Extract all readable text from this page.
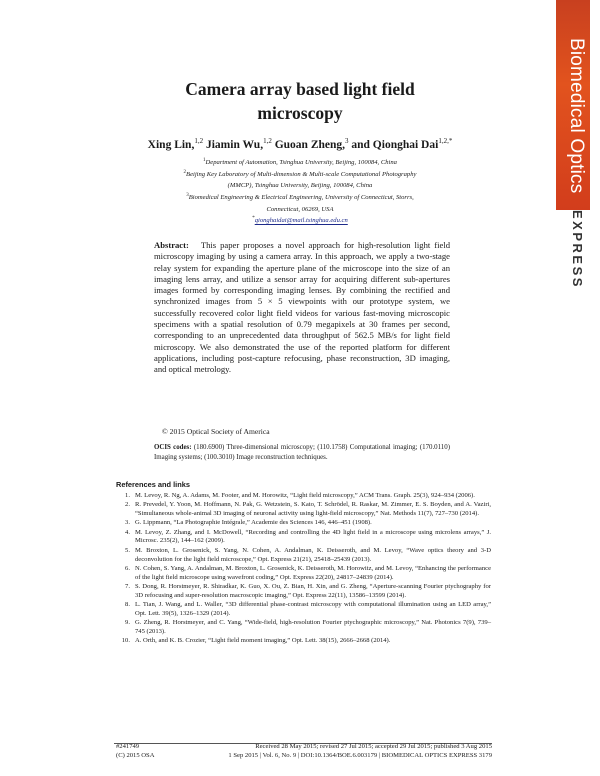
Biomedical Optics
EXPRESS
Camera array based light field
microscopy
Xing Lin,$^{1,2}$ Jiamin Wu,$^{1,2}$ Guoan Zheng,$^3$ and Qionghai Dai$^{1,2,*}$
$^1$Department of Automation, Tsinghua University, Beijing, 100084, China
$^2$Beijing Key Laboratory of Multi-dimension & Multi-scale Computational Photography
(MMCP), Tsinghua University, Beijing, 100084, China
$^3$Biomedical Engineering & Electrical Engineering, University of Connecticut, Storrs,
Connecticut, 06269, USA
*qionghaidai@mail.tsinghua.edu.cn
Abstract: This paper proposes a novel approach for high-resolution light field microscopy imaging by using a camera array. In this approach, we apply a two-stage relay system for expanding the aperture plane of the microscope into the size of an imaging lens array, and utilize a sensor array for acquiring different sub-apertures images formed by corresponding imaging lenses. By combining the rectified and synchronized images from 5 × 5 viewpoints with our prototype system, we successfully recovered color light field videos for various fast-moving microscopic specimens with a spatial resolution of 0.79 megapixels at 30 frames per second, corresponding to an unprecedented data throughput of 562.5 MB/s for light field microscopy. We also demonstrated the use of the reported platform for different applications, including post-capture refocusing, phase reconstruction, 3D imaging, and optical metrology.
© 2015 Optical Society of America
OCIS codes: (180.6900) Three-dimensional microscopy; (110.1758) Computational imaging; (170.0110) Imaging systems; (100.3010) Image reconstruction techniques.
References and links
1. M. Levoy, R. Ng, A. Adams, M. Footer, and M. Horowitz, “Light field microscopy,” ACM Trans. Graph. 25(3), 924–934 (2006).
2. R. Prevedel, Y. Yoon, M. Hoffmann, N. Pak, G. Wetzstein, S. Kato, T. Schrödel, R. Raskar, M. Zimmer, E. S. Boyden, and A. Vaziri, “Simultaneous whole-animal 3D imaging of neuronal activity using light-field microscopy,” Nat. Methods 11(7), 727–730 (2014).
3. G. Lippmann, “La Photographie Intégrale,” Academie des Sciences 146, 446–451 (1908).
4. M. Levoy, Z. Zhang, and I. McDowell, “Recording and controlling the 4D light field in a microscope using microlens arrays,” J. Microsc. 235(2), 144–162 (2009).
5. M. Broxton, L. Grosenick, S. Yang, N. Cohen, A. Andalman, K. Deisseroth, and M. Levoy, “Wave optics theory and 3-D deconvolution for the light field microscope,” Opt. Express 21(21), 25418–25439 (2013).
6. N. Cohen, S. Yang, A. Andalman, M. Broxton, L. Grosenick, K. Deisseroth, M. Horowitz, and M. Levoy, “Enhancing the performance of the light field microscope using wavefront coding,” Opt. Express 22(20), 24817–24839 (2014).
7. S. Dong, R. Horstmeyer, R. Shiradkar, K. Guo, X. Ou, Z. Bian, H. Xin, and G. Zheng, “Aperture-scanning Fourier ptychography for 3D refocusing and super-resolution macroscopic imaging,” Opt. Express 22(11), 13586–13599 (2014).
8. L. Tian, J. Wang, and L. Waller, “3D differential phase-contrast microscopy with computational illumination using an LED array,” Opt. Lett. 39(5), 1326–1329 (2014).
9. G. Zheng, R. Horstmeyer, and C. Yang, “Wide-field, high-resolution Fourier ptychographic microscopy,” Nat. Photonics 7(9), 739–745 (2013).
10. A. Orth, and K. B. Crozier, “Light field moment imaging,” Opt. Lett. 38(15), 2666–2668 (2014).
#241749
(C) 2015 OSA
Received 28 May 2015; revised 27 Jul 2015; accepted 29 Jul 2015; published 3 Aug 2015
1 Sep 2015 | Vol. 6, No. 9 | DOI:10.1364/BOE.6.003179 | BIOMEDICAL OPTICS EXPRESS 3179
